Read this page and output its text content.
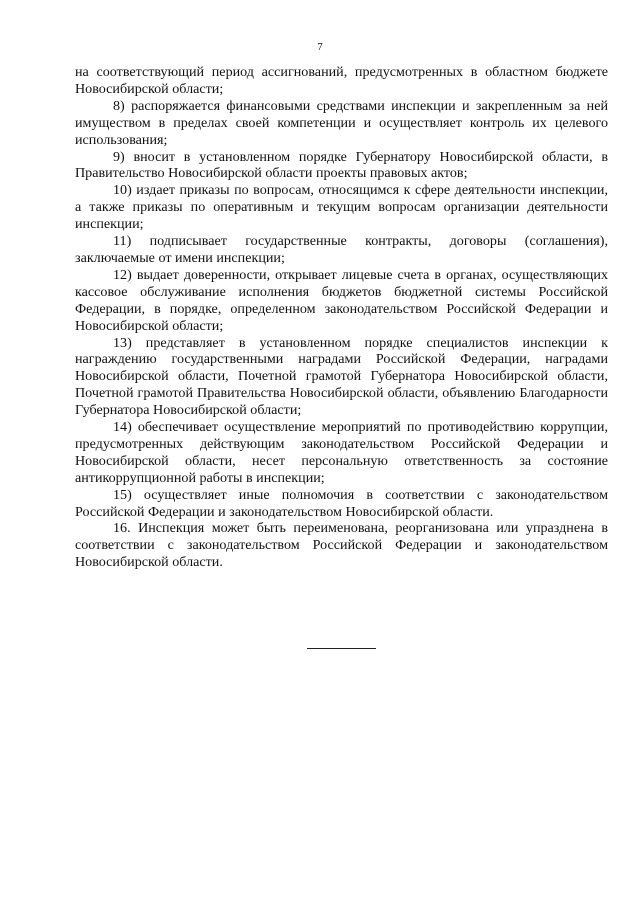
7

на соответствующий период ассигнований, предусмотренных в областном бюджете Новосибирской области;

8) распоряжается финансовыми средствами инспекции и закрепленным за ней имуществом в пределах своей компетенции и осуществляет контроль их целевого использования;

9) вносит в установленном порядке Губернатору Новосибирской области, в Правительство Новосибирской области проекты правовых актов;

10) издает приказы по вопросам, относящимся к сфере деятельности инспекции, а также приказы по оперативным и текущим вопросам организации деятельности инспекции;

11) подписывает государственные контракты, договоры (соглашения), заключаемые от имени инспекции;

12) выдает доверенности, открывает лицевые счета в органах, осуществляющих кассовое обслуживание исполнения бюджетов бюджетной системы Российской Федерации, в порядке, определенном законодательством Российской Федерации и Новосибирской области;

13) представляет в установленном порядке специалистов инспекции к награждению государственными наградами Российской Федерации, наградами Новосибирской области, Почетной грамотой Губернатора Новосибирской области, Почетной грамотой Правительства Новосибирской области, объявлению Благодарности Губернатора Новосибирской области;

14) обеспечивает осуществление мероприятий по противодействию коррупции, предусмотренных действующим законодательством Российской Федерации и Новосибирской области, несет персональную ответственность за состояние антикоррупционной работы в инспекции;

15) осуществляет иные полномочия в соответствии с законодательством Российской Федерации и законодательством Новосибирской области.

16. Инспекция может быть переименована, реорганизована или упразднена в соответствии с законодательством Российской Федерации и законодательством Новосибирской области.
